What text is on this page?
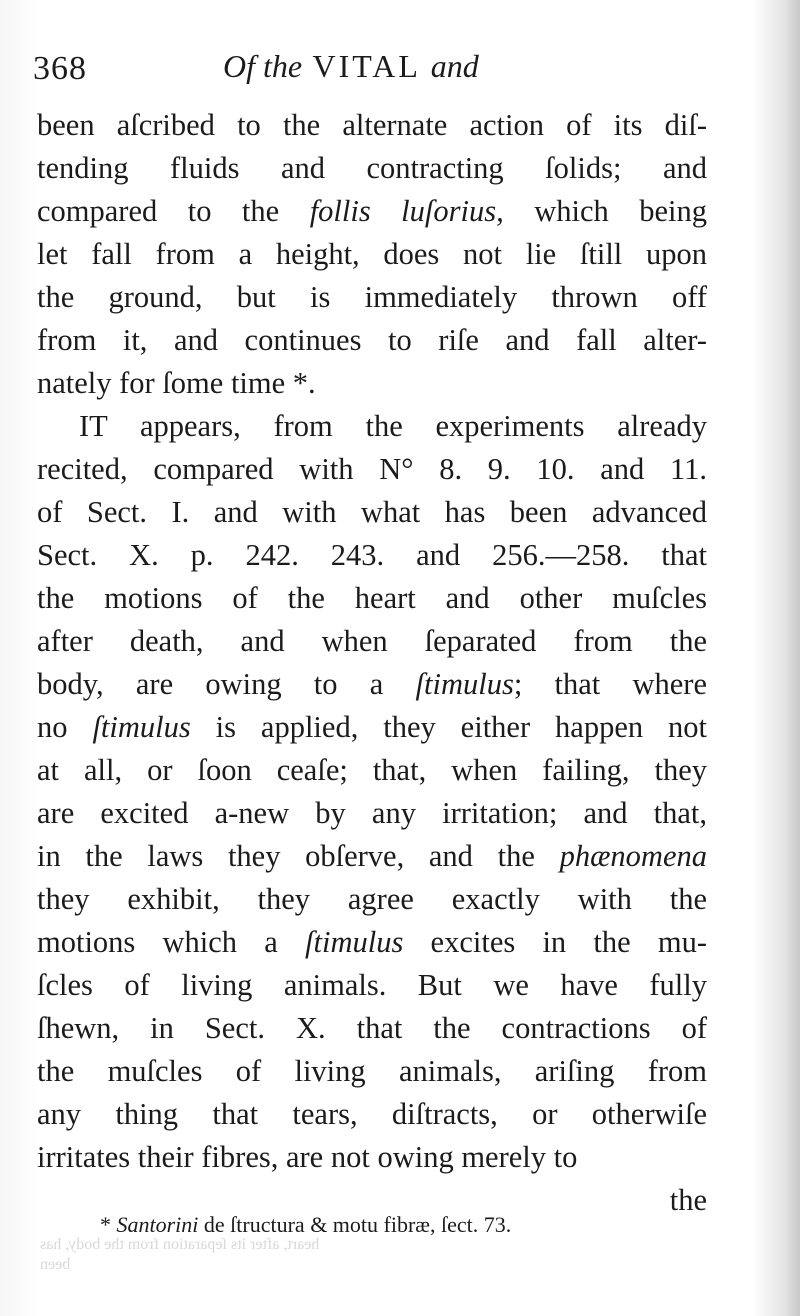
368	Of the VITAL and
been aſcribed to the alternate action of its diſ-
tending fluids and contracting ſolids; and
compared to the follis luſorius, which being
let fall from a height, does not lie ſtill upon
the ground, but is immediately thrown off
from it, and continues to riſe and fall alter-
nately for ſome time *.
IT appears, from the experiments already
recited, compared with N° 8. 9. 10. and 11.
of Sect. I. and with what has been advanced
Sect. X. p. 242. 243. and 256.—258. that
the motions of the heart and other muſcles
after death, and when ſeparated from the
body, are owing to a ſtimulus; that where
no ſtimulus is applied, they either happen not
at all, or ſoon ceaſe; that, when failing, they
are excited a-new by any irritation; and that,
in the laws they obſerve, and the phænomena
they exhibit, they agree exactly with the
motions which a ſtimulus excites in the mu-
ſcles of living animals. But we have fully
ſhewn, in Sect. X. that the contractions of
the muſcles of living animals, ariſing from
any thing that tears, diſtracts, or otherwiſe
irritates their fibres, are not owing merely to
the
* Santorini de ſtructura & motu fibræ, ſect. 73.
heart, after its ſeparation from the body, has
been
